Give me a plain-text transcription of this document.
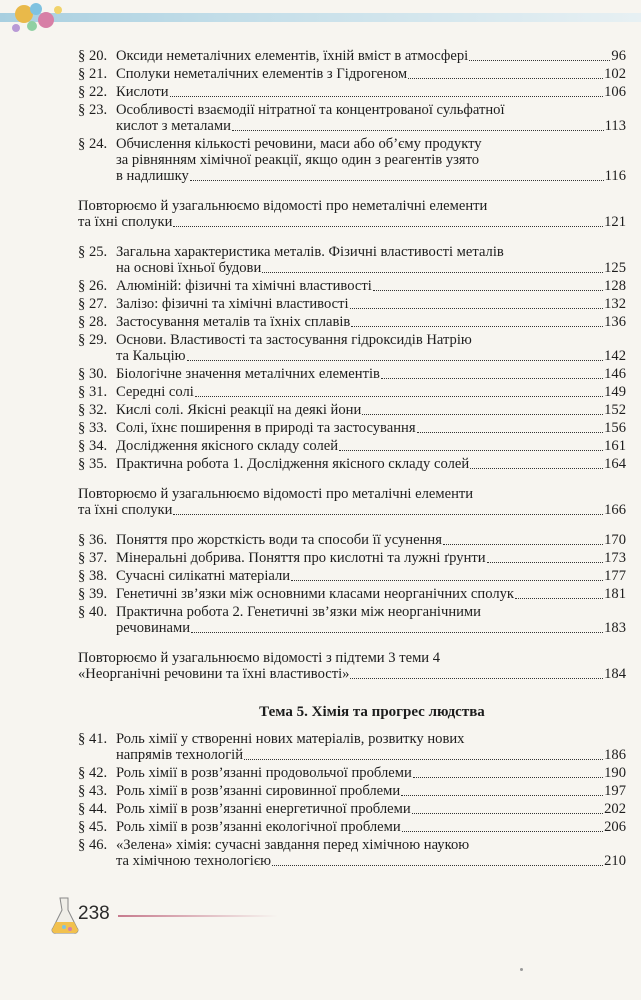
§ 20. Оксиди неметалічних елементів, їхній вміст в атмосфері	96
§ 21. Сполуки неметалічних елементів з Гідрогеном	102
§ 22. Кислоти	106
§ 23. Особливості взаємодії нітратної та концентрованої сульфатної
кислот з металами	113
§ 24. Обчислення кількості речовини, маси або об’єму продукту
за рівнянням хімічної реакції, якщо один з реагентів узято
в надлишку	116
Повторюємо й узагальнюємо відомості про неметалічні елементи
та їхні сполуки	121
§ 25. Загальна характеристика металів. Фізичні властивості металів
на основі їхньої будови	125
§ 26. Алюміній: фізичні та хімічні властивості	128
§ 27. Залізо: фізичні та хімічні властивості	132
§ 28. Застосування металів та їхніх сплавів	136
§ 29. Основи. Властивості та застосування гідроксидів Натрію
та Кальцію	142
§ 30. Біологічне значення металічних елементів	146
§ 31. Середні солі	149
§ 32. Кислі солі. Якісні реакції на деякі йони	152
§ 33. Солі, їхнє поширення в природі та застосування	156
§ 34. Дослідження якісного складу солей	161
§ 35. Практична робота 1. Дослідження якісного складу солей	164
Повторюємо й узагальнюємо відомості про металічні елементи
та їхні сполуки	166
§ 36. Поняття про жорсткість води та способи її усунення	170
§ 37. Мінеральні добрива. Поняття про кислотні та лужні ґрунти	173
§ 38. Сучасні силікатні матеріали	177
§ 39. Генетичні зв’язки між основними класами неорганічних сполук	181
§ 40. Практична робота 2. Генетичні зв’язки між неорганічними
речовинами	183
Повторюємо й узагальнюємо відомості з підтеми 3 теми 4
«Неорганічні речовини та їхні властивості»	184
Тема 5. Хімія та прогрес людства
§ 41. Роль хімії у створенні нових матеріалів, розвитку нових
напрямів технологій	186
§ 42. Роль хімії в розв’язанні продовольчої проблеми	190
§ 43. Роль хімії в розв’язанні сировинної проблеми	197
§ 44. Роль хімії в розв’язанні енергетичної проблеми	202
§ 45. Роль хімії в розв’язанні екологічної проблеми	206
§ 46. «Зелена» хімія: сучасні завдання перед хімічною наукою
та хімічною технологією	210
238
